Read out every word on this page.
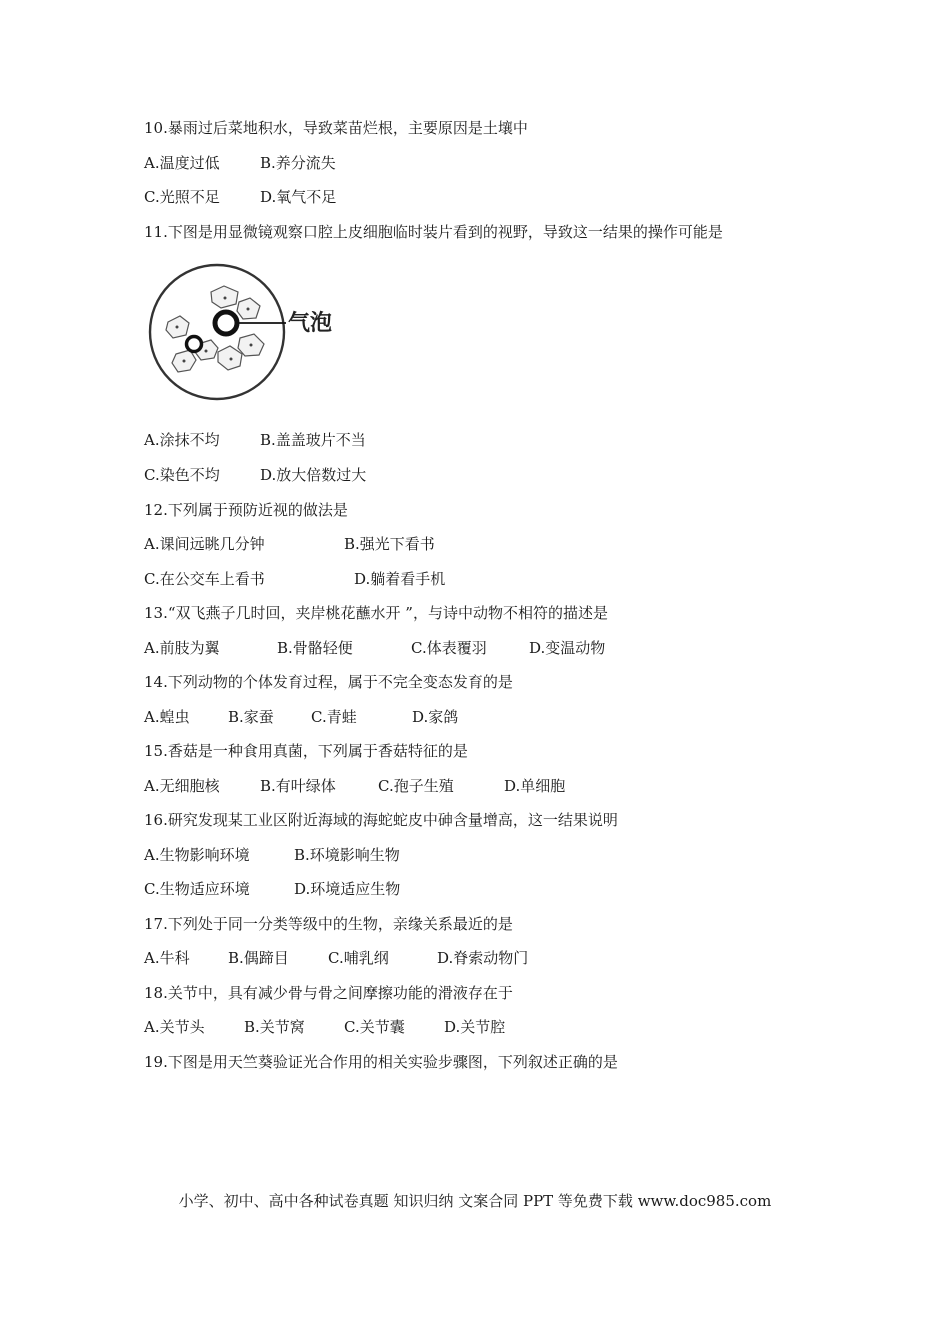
10.暴雨过后菜地积水，导致菜苗烂根，主要原因是土壤中
A.温度过低	B.养分流失
C.光照不足	D.氧气不足
11.下图是用显微镜观察口腔上皮细胞临时装片看到的视野，导致这一结果的操作可能是
气泡
A.涂抹不均	B.盖盖玻片不当
C.染色不均	D.放大倍数过大
12.下列属于预防近视的做法是
A.课间远眺几分钟	B.强光下看书
C.在公交车上看书	D.躺着看手机
13.“双飞燕子几时回，夹岸桃花蘸水开 ”，与诗中动物不相符的描述是
A.前肢为翼	B.骨骼轻便	C.体表覆羽	D.变温动物
14.下列动物的个体发育过程，属于不完全变态发育的是
A.蝗虫	B.家蚕 C.青蛙	D.家鸽
15.香菇是一种食用真菌，下列属于香菇特征的是
A.无细胞核	B.有叶绿体	C.孢子生殖	D.单细胞
16.研究发现某工业区附近海域的海蛇蛇皮中砷含量增高，这一结果说明
A.生物影响环境	B.环境影响生物
C.生物适应环境	D.环境适应生物
17.下列处于同一分类等级中的生物，亲缘关系最近的是
A.牛科	B.偶蹄目	C.哺乳纲	D.脊索动物门
18.关节中，具有减少骨与骨之间摩擦功能的滑液存在于
A.关节头	B.关节窝	C.关节囊	D.关节腔
19.下图是用天竺葵验证光合作用的相关实验步骤图，下列叙述正确的是
小学、初中、高中各种试卷真题 知识归纳 文案合同 PPT 等免费下载 www.doc985.com
